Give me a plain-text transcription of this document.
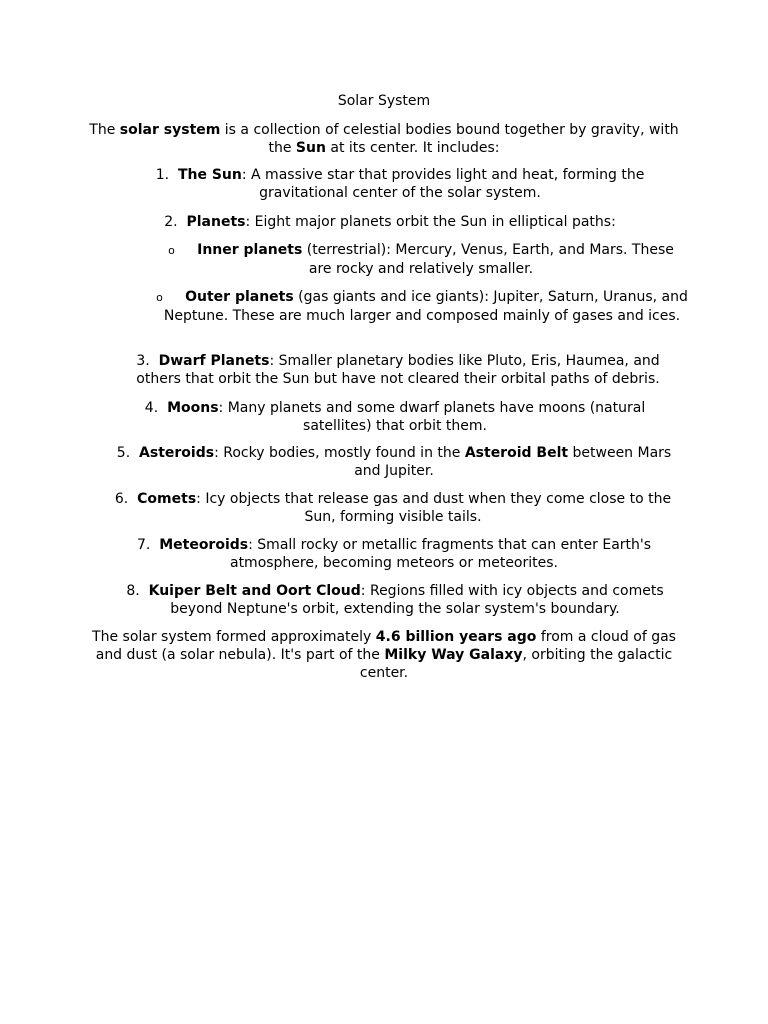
Solar System
The solar system is a collection of celestial bodies bound together by gravity, with the Sun at its center. It includes:
1. The Sun: A massive star that provides light and heat, forming the gravitational center of the solar system.
2. Planets: Eight major planets orbit the Sun in elliptical paths:
o Inner planets (terrestrial): Mercury, Venus, Earth, and Mars. These are rocky and relatively smaller.
o Outer planets (gas giants and ice giants): Jupiter, Saturn, Uranus, and Neptune. These are much larger and composed mainly of gases and ices.
3. Dwarf Planets: Smaller planetary bodies like Pluto, Eris, Haumea, and others that orbit the Sun but have not cleared their orbital paths of debris.
4. Moons: Many planets and some dwarf planets have moons (natural satellites) that orbit them.
5. Asteroids: Rocky bodies, mostly found in the Asteroid Belt between Mars and Jupiter.
6. Comets: Icy objects that release gas and dust when they come close to the Sun, forming visible tails.
7. Meteoroids: Small rocky or metallic fragments that can enter Earth's atmosphere, becoming meteors or meteorites.
8. Kuiper Belt and Oort Cloud: Regions filled with icy objects and comets beyond Neptune's orbit, extending the solar system's boundary.
The solar system formed approximately 4.6 billion years ago from a cloud of gas and dust (a solar nebula). It's part of the Milky Way Galaxy, orbiting the galactic center.
